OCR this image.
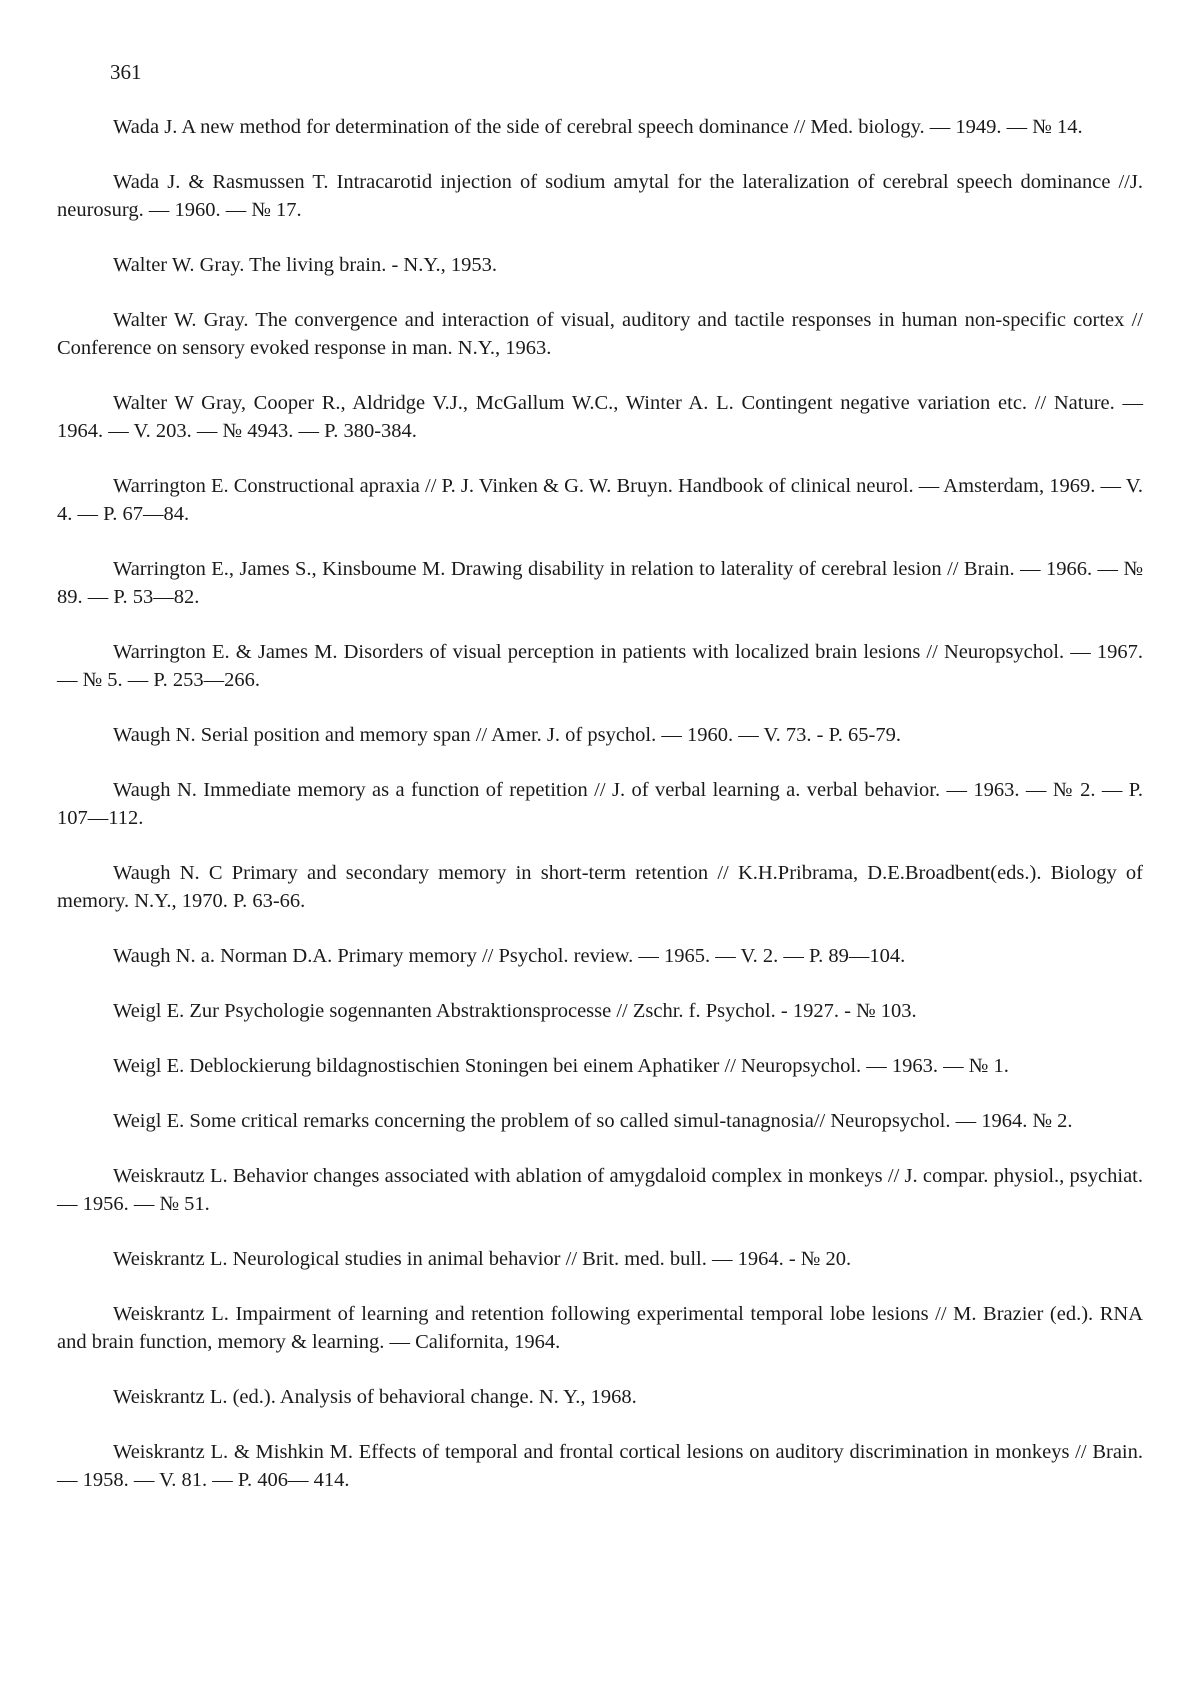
361
Wada J. A new method for determination of the side of cerebral speech dominance // Med. biology. — 1949. — № 14.
Wada J. & Rasmussen T. Intracarotid injection of sodium amytal for the lateralization of cerebral speech dominance //J. neurosurg. — 1960. — № 17.
Walter W. Gray. The living brain. - N.Y., 1953.
Walter W. Gray. The convergence and interaction of visual, auditory and tactile responses in human non-specific cortex // Conference on sensory evoked response in man. N.Y., 1963.
Walter W Gray, Cooper R., Aldridge V.J., McGallum W.C., Winter A. L. Contingent negative variation etc. // Nature. — 1964. — V. 203. — № 4943. — P. 380-384.
Warrington E. Constructional apraxia // P. J. Vinken & G. W. Bruyn. Handbook of clinical neurol. — Amsterdam, 1969. — V. 4. — P. 67—84.
Warrington E., James S., Kinsboume M. Drawing disability in relation to laterality of cerebral lesion // Brain. — 1966. — № 89. — P. 53—82.
Warrington E. & James M. Disorders of visual perception in patients with localized brain lesions // Neuropsychol. — 1967. — № 5. — P. 253—266.
Waugh N. Serial position and memory span // Amer. J. of psychol. — 1960. — V. 73. - P. 65-79.
Waugh N. Immediate memory as a function of repetition // J. of verbal learning a. verbal behavior. — 1963. — № 2. — P. 107—112.
Waugh N. C Primary and secondary memory in short-term retention // K.H.Pribrama, D.E.Broadbent(eds.). Biology of memory. N.Y., 1970. P. 63-66.
Waugh N. a. Norman D.A. Primary memory // Psychol. review. — 1965. — V. 2. — P. 89—104.
Weigl E. Zur Psychologie sogennanten Abstraktionsprocesse // Zschr. f. Psychol. - 1927. - № 103.
Weigl E. Deblockierung bildagnostischien Stoningen bei einem Aphatiker // Neuropsychol. — 1963. — № 1.
Weigl E. Some critical remarks concerning the problem of so called simul-tanagnosia// Neuropsychol. — 1964. № 2.
Weiskrautz L. Behavior changes associated with ablation of amygdaloid complex in monkeys // J. compar. physiol., psychiat. — 1956. — № 51.
Weiskrantz L. Neurological studies in animal behavior // Brit. med. bull. — 1964. - № 20.
Weiskrantz L. Impairment of learning and retention following experimental temporal lobe lesions // M. Brazier (ed.). RNA and brain function, memory & learning. — Californita, 1964.
Weiskrantz L. (ed.). Analysis of behavioral change. N. Y., 1968.
Weiskrantz L. & Mishkin M. Effects of temporal and frontal cortical lesions on auditory discrimination in monkeys // Brain. — 1958. — V. 81. — P. 406— 414.
